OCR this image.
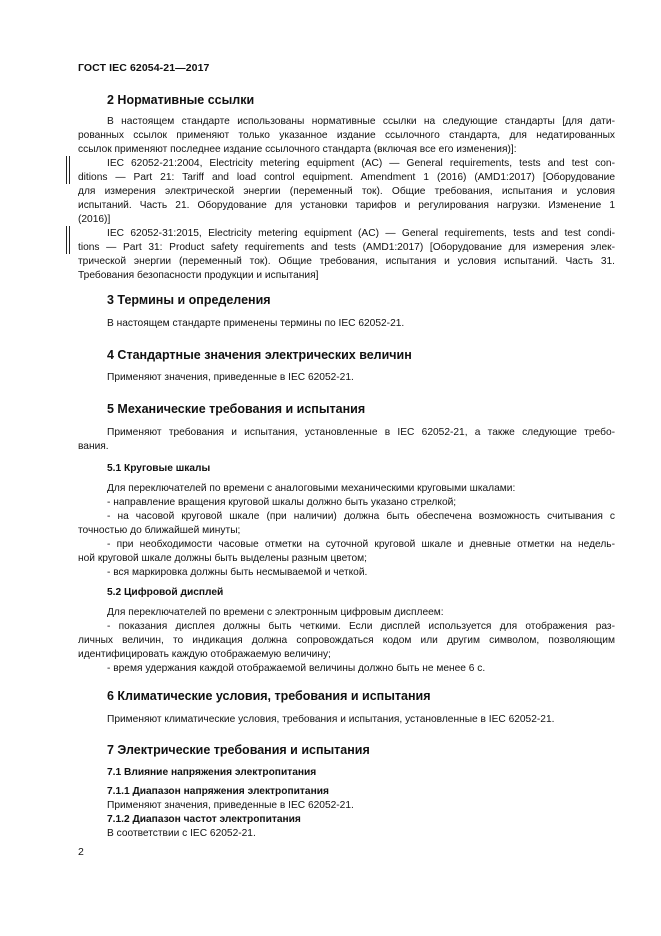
ГОСТ IEC 62054-21—2017
2 Нормативные ссылки
В настоящем стандарте использованы нормативные ссылки на следующие стандарты [для дати-
рованных ссылок применяют только указанное издание ссылочного стандарта, для недатированных
ссылок применяют последнее издание ссылочного стандарта (включая все его изменения)]:
IEC 62052-21:2004, Electricity metering equipment (AC) — General requirements, tests and test con-
ditions — Part 21: Tariff and load control equipment. Amendment 1 (2016) (AMD1:2017) [Оборудование
для измерения электрической энергии (переменный ток). Общие требования, испытания и условия
испытаний. Часть 21. Оборудование для установки тарифов и регулирования нагрузки. Изменение 1
(2016)]
IEC 62052-31:2015, Electricity metering equipment (AC) — General requirements, tests and test condi-
tions — Part 31: Product safety requirements and tests (AMD1:2017) [Оборудование для измерения элек-
трической энергии (переменный ток). Общие требования, испытания и условия испытаний. Часть 31.
Требования безопасности продукции и испытания]
3 Термины и определения
В настоящем стандарте применены термины по IEC 62052-21.
4 Стандартные значения электрических величин
Применяют значения, приведенные в IEC 62052-21.
5 Механические требования и испытания
Применяют требования и испытания, установленные в IEC 62052-21, а также следующие требо-
вания.
5.1 Круговые шкалы
Для переключателей по времени с аналоговыми механическими круговыми шкалами:
- направление вращения круговой шкалы должно быть указано стрелкой;
- на часовой круговой шкале (при наличии) должна быть обеспечена возможность считывания с
точностью до ближайшей минуты;
- при необходимости часовые отметки на суточной круговой шкале и дневные отметки на недель-
ной круговой шкале должны быть выделены разным цветом;
- вся маркировка должны быть несмываемой и четкой.
5.2 Цифровой дисплей
Для переключателей по времени с электронным цифровым дисплеем:
- показания дисплея должны быть четкими. Если дисплей используется для отображения раз-
личных величин, то индикация должна сопровождаться кодом или другим символом, позволяющим
идентифицировать каждую отображаемую величину;
- время удержания каждой отображаемой величины должно быть не менее 6 с.
6 Климатические условия, требования и испытания
Применяют климатические условия, требования и испытания, установленные в IEC 62052-21.
7 Электрические требования и испытания
7.1 Влияние напряжения электропитания
7.1.1 Диапазон напряжения электропитания
Применяют значения, приведенные в IEC 62052-21.
7.1.2 Диапазон частот электропитания
В соответствии с IEC 62052-21.
2
